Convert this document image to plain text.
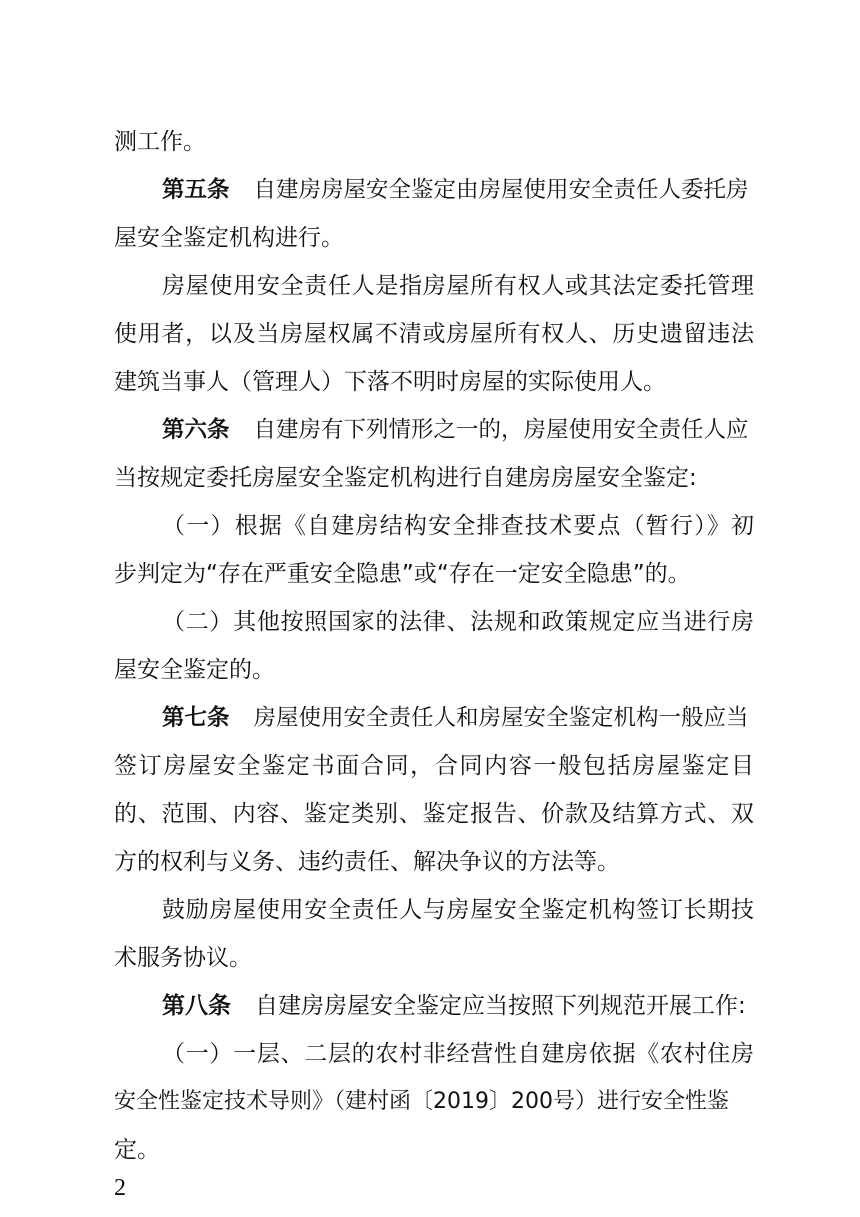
测工作。
第五条 自建房房屋安全鉴定由房屋使用安全责任人委托房
屋安全鉴定机构进行。
房屋使用安全责任人是指房屋所有权人或其法定委托管理
使用者，以及当房屋权属不清或房屋所有权人、历史遗留违法
建筑当事人（管理人）下落不明时房屋的实际使用人。
第六条 自建房有下列情形之一的，房屋使用安全责任人应
当按规定委托房屋安全鉴定机构进行自建房房屋安全鉴定:
（一）根据《自建房结构安全排查技术要点（暂行）》初
步判定为“存在严重安全隐患”或“存在一定安全隐患”的。
（二）其他按照国家的法律、法规和政策规定应当进行房
屋安全鉴定的。
第七条 房屋使用安全责任人和房屋安全鉴定机构一般应当
签订房屋安全鉴定书面合同，合同内容一般包括房屋鉴定目
的、范围、内容、鉴定类别、鉴定报告、价款及结算方式、双
方的权利与义务、违约责任、解决争议的方法等。
鼓励房屋使用安全责任人与房屋安全鉴定机构签订长期技
术服务协议。
第八条 自建房房屋安全鉴定应当按照下列规范开展工作:
（一）一层、二层的农村非经营性自建房依据《农村住房
安全性鉴定技术导则》（建村函〔2019〕200号）进行安全性鉴
定。
2
